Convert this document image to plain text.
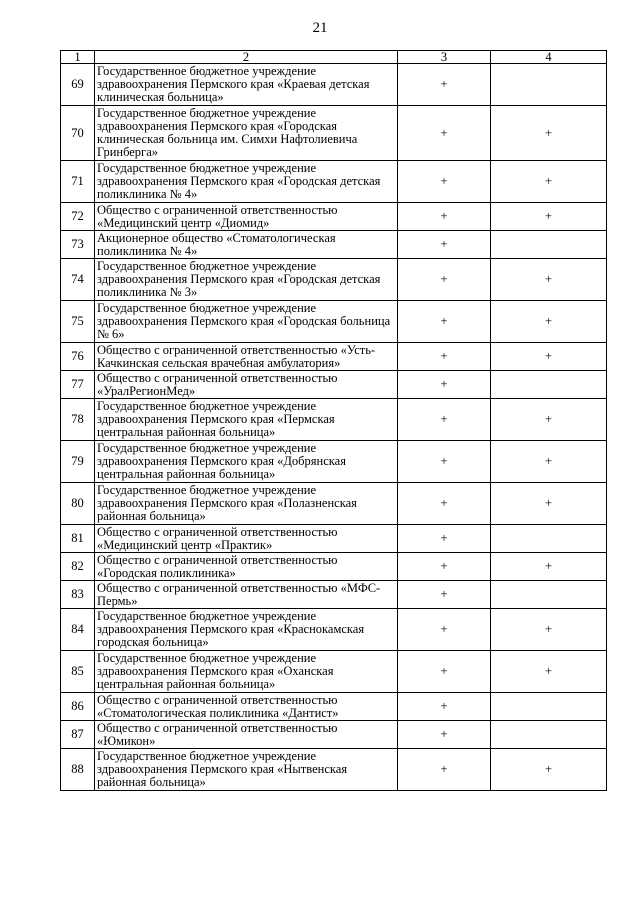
21
1	2	3	4
69	Государственное бюджетное учреждение здравоохранения Пермского края «Краевая детская клиническая больница»	+	
70	Государственное бюджетное учреждение здравоохранения Пермского края «Городская клиническая больница им. Симхи Нафтолиевича Гринберга»	+	+
71	Государственное бюджетное учреждение здравоохранения Пермского края «Городская детская поликлиника № 4»	+	+
72	Общество с ограниченной ответственностью «Медицинский центр «Диомид»	+	+
73	Акционерное общество «Стоматологическая поликлиника № 4»	+	
74	Государственное бюджетное учреждение здравоохранения Пермского края «Городская детская поликлиника № 3»	+	+
75	Государственное бюджетное учреждение здравоохранения Пермского края «Городская больница № 6»	+	+
76	Общество с ограниченной ответственностью «Усть-Качкинская сельская врачебная амбулатория»	+	+
77	Общество с ограниченной ответственностью «УралРегионМед»	+	
78	Государственное бюджетное учреждение здравоохранения Пермского края «Пермская центральная районная больница»	+	+
79	Государственное бюджетное учреждение здравоохранения Пермского края «Добрянская центральная районная больница»	+	+
80	Государственное бюджетное учреждение здравоохранения Пермского края «Полазненская районная больница»	+	+
81	Общество с ограниченной ответственностью «Медицинский центр «Практик»	+	
82	Общество с ограниченной ответственностью «Городская поликлиника»	+	+
83	Общество с ограниченной ответственностью «МФС-Пермь»	+	
84	Государственное бюджетное учреждение здравоохранения Пермского края «Краснокамская городская больница»	+	+
85	Государственное бюджетное учреждение здравоохранения Пермского края «Оханская центральная районная больница»	+	+
86	Общество с ограниченной ответственностью «Стоматологическая поликлиника «Дантист»	+	
87	Общество с ограниченной ответственностью «Юмикон»	+	
88	Государственное бюджетное учреждение здравоохранения Пермского края «Нытвенская районная больница»	+	+
